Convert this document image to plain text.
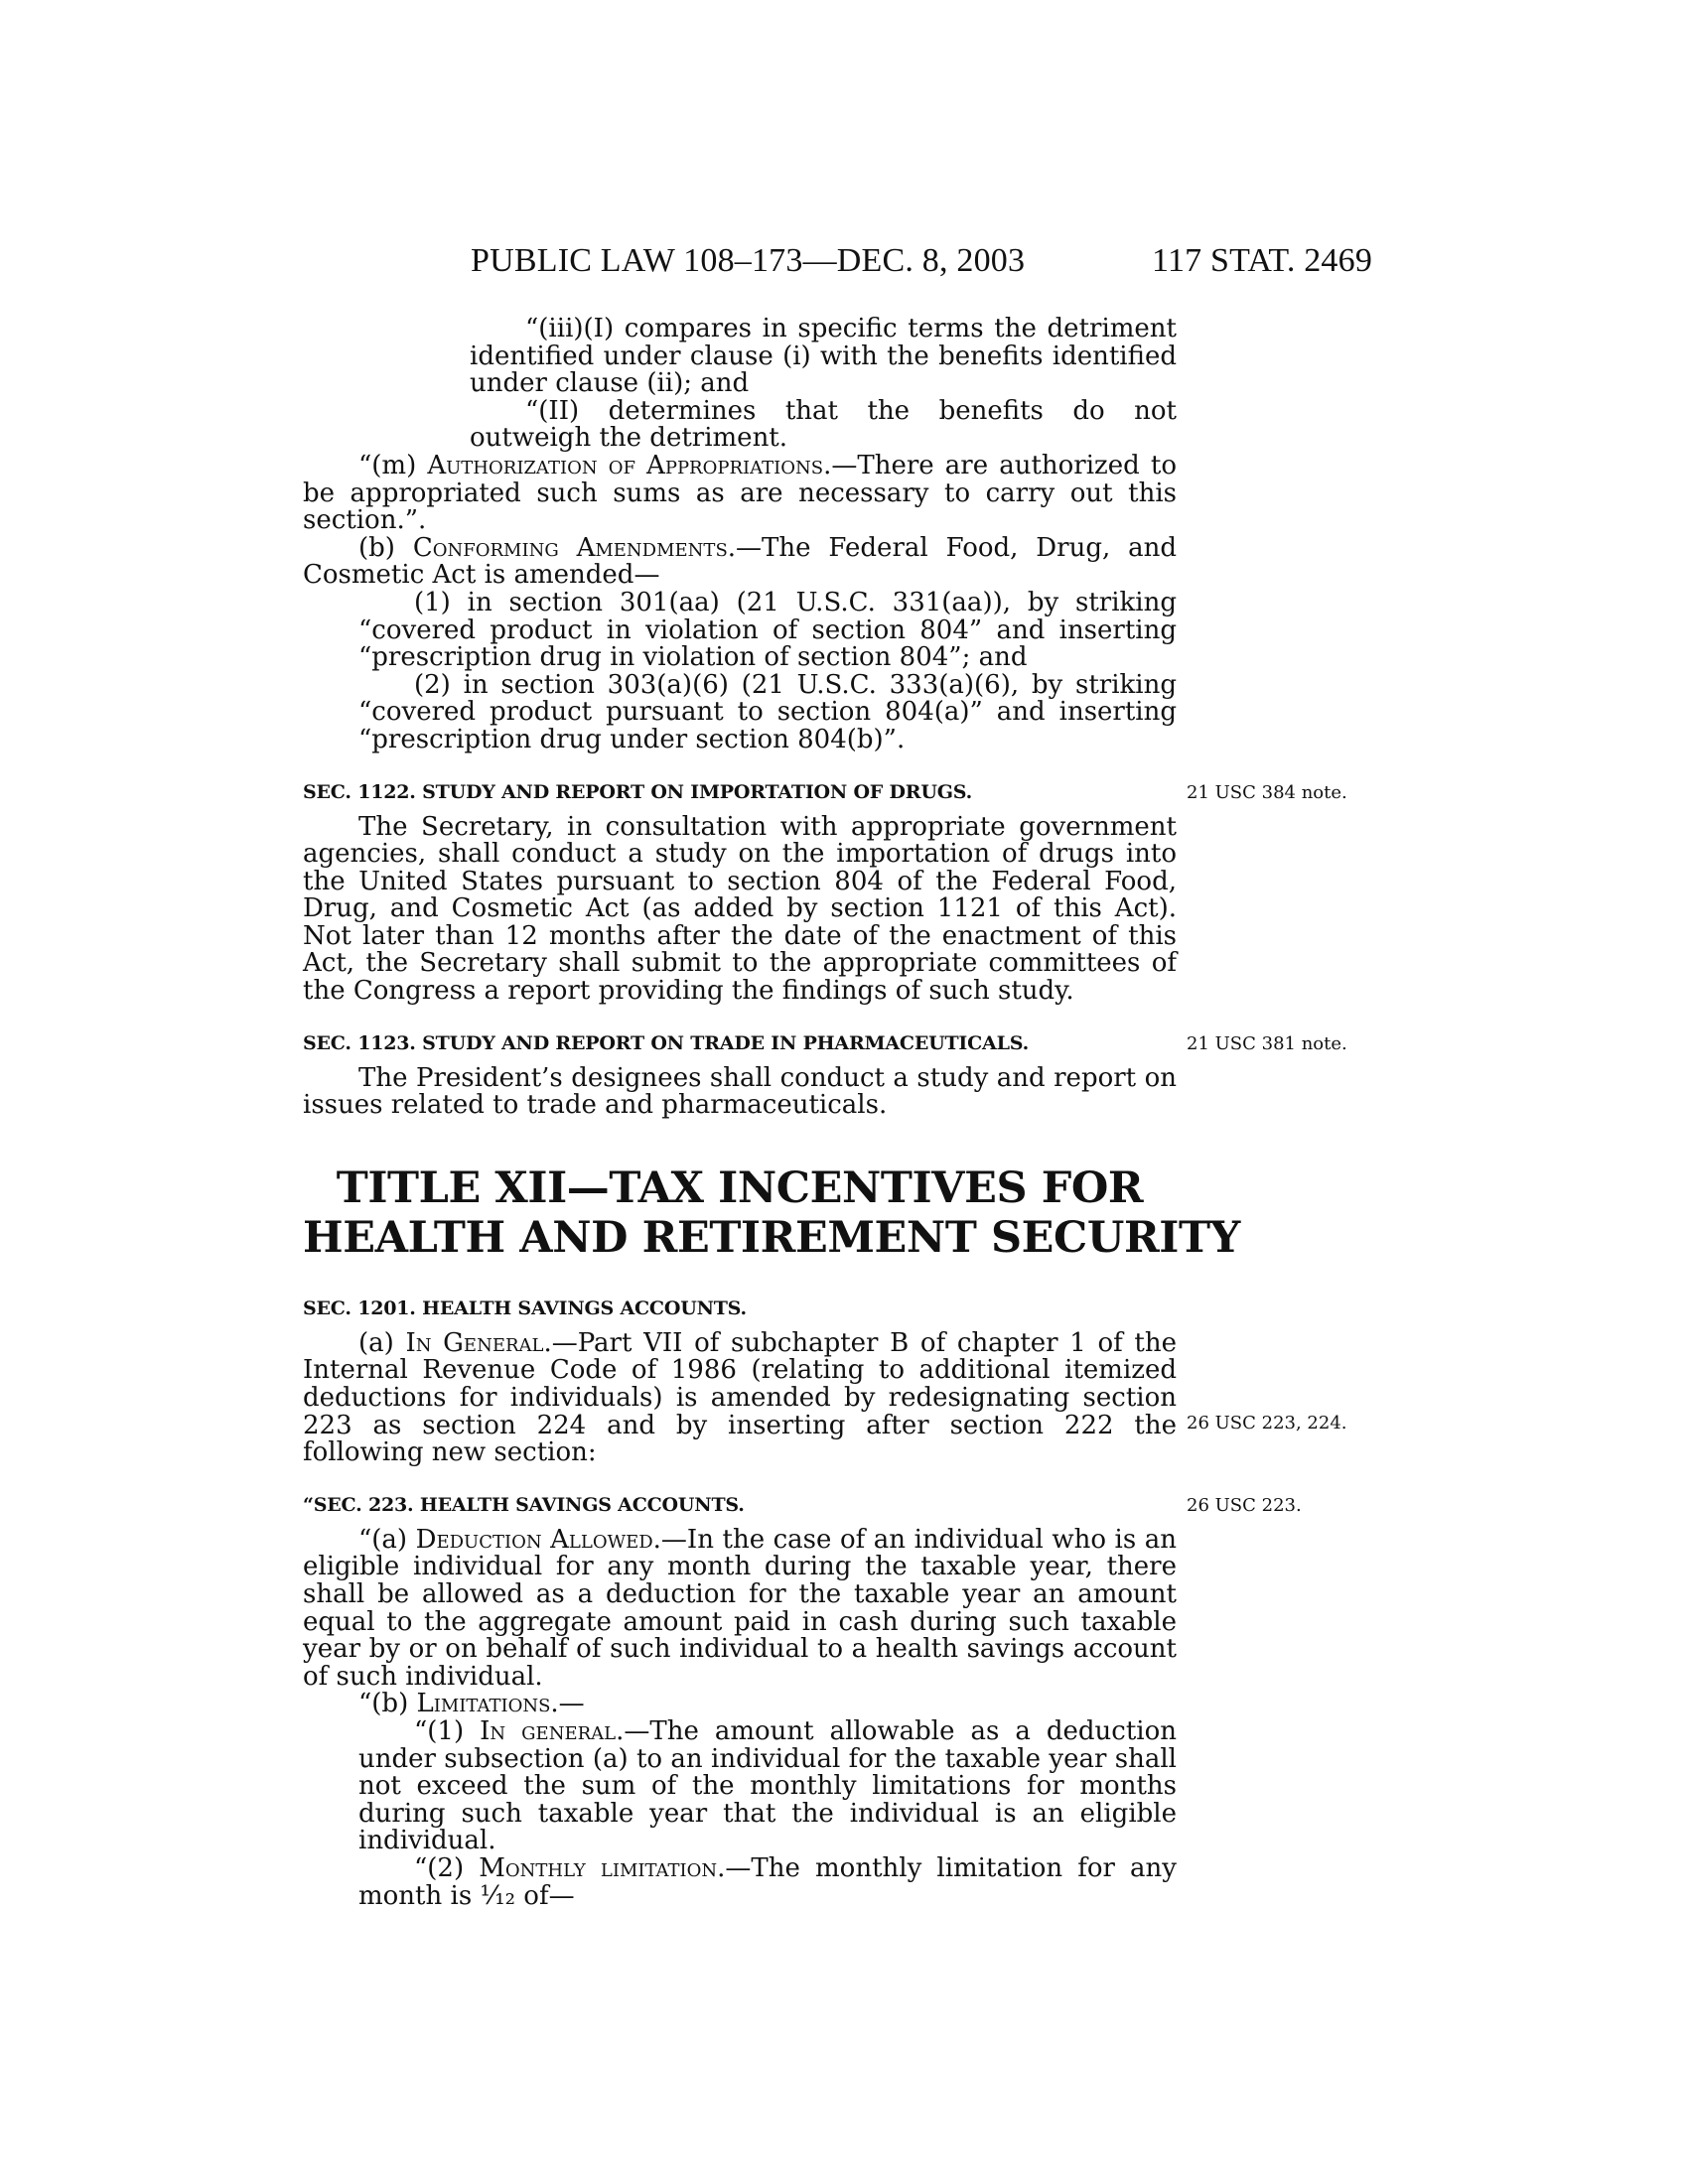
PUBLIC LAW 108–173—DEC. 8, 2003	117 STAT. 2469

“(iii)(I) compares in specific terms the detriment identified under clause (i) with the benefits identified under clause (ii); and

“(II) determines that the benefits do not outweigh the detriment.

“(m) Authorization of Appropriations.—There are authorized to be appropriated such sums as are necessary to carry out this section.”.

(b) Conforming Amendments.—The Federal Food, Drug, and Cosmetic Act is amended—

(1) in section 301(aa) (21 U.S.C. 331(aa)), by striking “covered product in violation of section 804” and inserting “prescription drug in violation of section 804”; and

(2) in section 303(a)(6) (21 U.S.C. 333(a)(6), by striking “covered product pursuant to section 804(a)” and inserting “prescription drug under section 804(b)”.

SEC. 1122. STUDY AND REPORT ON IMPORTATION OF DRUGS.	21 USC 384 note.

The Secretary, in consultation with appropriate government agencies, shall conduct a study on the importation of drugs into the United States pursuant to section 804 of the Federal Food, Drug, and Cosmetic Act (as added by section 1121 of this Act). Not later than 12 months after the date of the enactment of this Act, the Secretary shall submit to the appropriate committees of the Congress a report providing the findings of such study.

SEC. 1123. STUDY AND REPORT ON TRADE IN PHARMACEUTICALS.	21 USC 381 note.

The President’s designees shall conduct a study and report on issues related to trade and pharmaceuticals.

TITLE XII—TAX INCENTIVES FOR
HEALTH AND RETIREMENT SECURITY
SEC. 1201. HEALTH SAVINGS ACCOUNTS.

(a) In General.—Part VII of subchapter B of chapter 1 of the Internal Revenue Code of 1986 (relating to additional itemized deductions for individuals) is amended by redesignating section 223 as section 224 and by inserting after section 222 the following new section:

26 USC 223, 224.
“SEC. 223. HEALTH SAVINGS ACCOUNTS.	26 USC 223.

“(a) Deduction Allowed.—In the case of an individual who is an eligible individual for any month during the taxable year, there shall be allowed as a deduction for the taxable year an amount equal to the aggregate amount paid in cash during such taxable year by or on behalf of such individual to a health savings account of such individual.

“(b) Limitations.—

“(1) In general.—The amount allowable as a deduction under subsection (a) to an individual for the taxable year shall not exceed the sum of the monthly limitations for months during such taxable year that the individual is an eligible individual.

“(2) Monthly limitation.—The monthly limitation for any month is ¹⁄₁₂ of—
